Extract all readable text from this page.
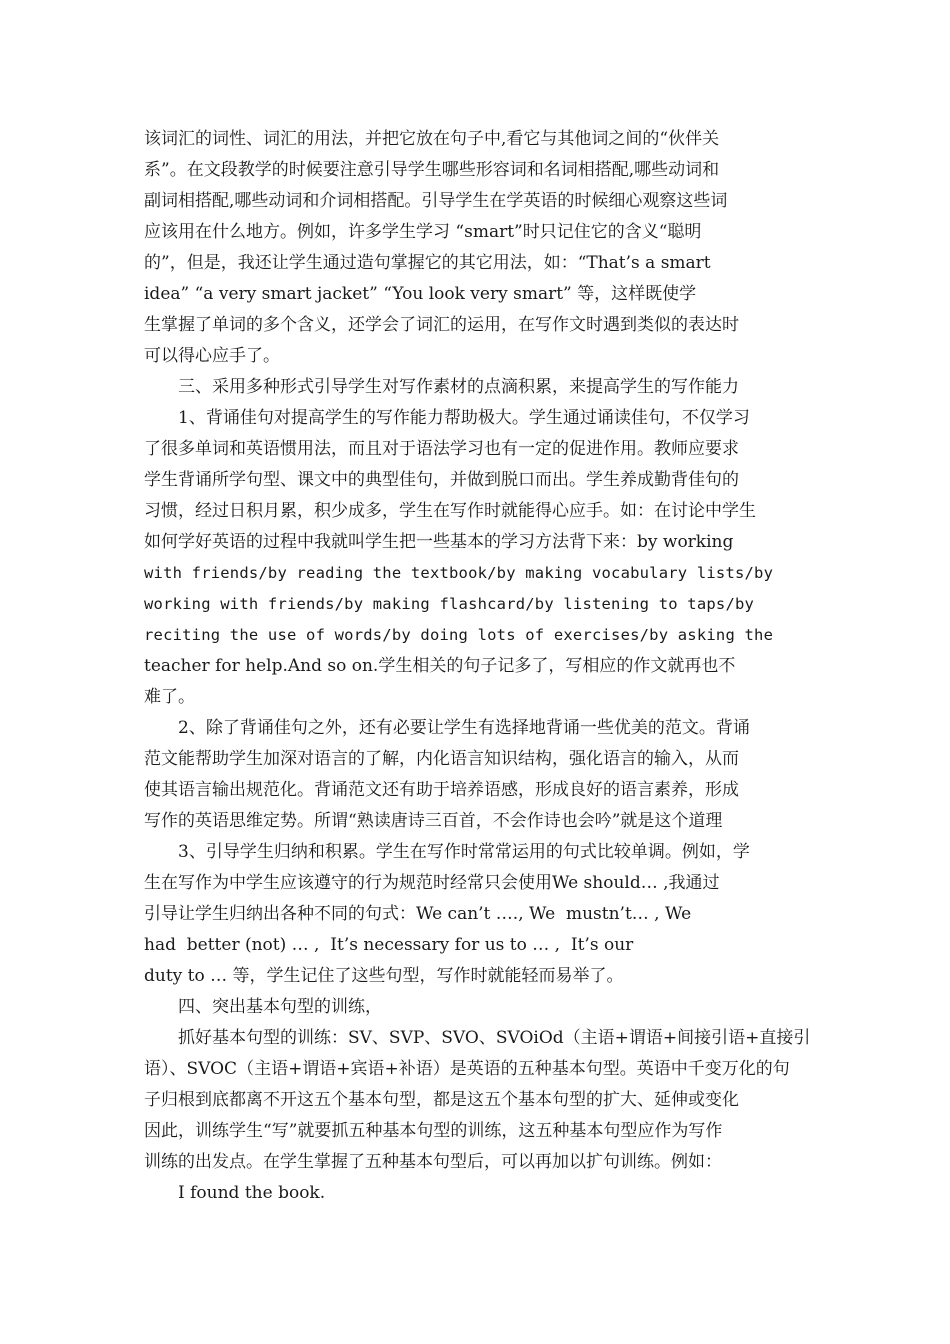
该词汇的词性、词汇的用法，并把它放在句子中,看它与其他词之间的“伙伴关
系”。在文段教学的时候要注意引导学生哪些形容词和名词相搭配,哪些动词和
副词相搭配,哪些动词和介词相搭配。引导学生在学英语的时候细心观察这些词
应该用在什么地方。例如，许多学生学习 “smart”时只记住它的含义“聪明
的”，但是，我还让学生通过造句掌握它的其它用法，如：“That’s a smart
idea” “a very smart jacket” “You look very smart” 等，这样既使学
生掌握了单词的多个含义，还学会了词汇的运用，在写作文时遇到类似的表达时
可以得心应手了。
三、采用多种形式引导学生对写作素材的点滴积累，来提高学生的写作能力
1、背诵佳句对提高学生的写作能力帮助极大。学生通过诵读佳句，不仅学习
了很多单词和英语惯用法，而且对于语法学习也有一定的促进作用。教师应要求
学生背诵所学句型、课文中的典型佳句，并做到脱口而出。学生养成勤背佳句的
习惯，经过日积月累，积少成多，学生在写作时就能得心应手。如：在讨论中学生
如何学好英语的过程中我就叫学生把一些基本的学习方法背下来：by working
with friends/by reading the textbook/by making vocabulary lists/by
working with friends/by making flashcard/by listening to taps/by
reciting the use of words/by doing lots of exercises/by asking the
teacher for help.And so on.学生相关的句子记多了，写相应的作文就再也不
难了。
2、除了背诵佳句之外，还有必要让学生有选择地背诵一些优美的范文。背诵
范文能帮助学生加深对语言的了解，内化语言知识结构，强化语言的输入，从而
使其语言输出规范化。背诵范文还有助于培养语感，形成良好的语言素养，形成
写作的英语思维定势。所谓“熟读唐诗三百首，不会作诗也会吟”就是这个道理
3、引导学生归纳和积累。学生在写作时常常运用的句式比较单调。例如，学
生在写作为中学生应该遵守的行为规范时经常只会使用We should… ,我通过
引导让学生归纳出各种不同的句式：We can’t …., We  mustn’t… , We
had  better (not) … ,  It’s necessary for us to … ,  It’s our
duty to … 等，学生记住了这些句型，写作时就能轻而易举了。
四、突出基本句型的训练，
抓好基本句型的训练：SV、SVP、SVO、SVOiOd（主语+谓语+间接引语+直接引
语）、SVOC（主语+谓语+宾语+补语）是英语的五种基本句型。英语中千变万化的句
子归根到底都离不开这五个基本句型，都是这五个基本句型的扩大、延伸或变化
因此，训练学生“写”就要抓五种基本句型的训练，这五种基本句型应作为写作
训练的出发点。在学生掌握了五种基本句型后，可以再加以扩句训练。例如：
I found the book.
